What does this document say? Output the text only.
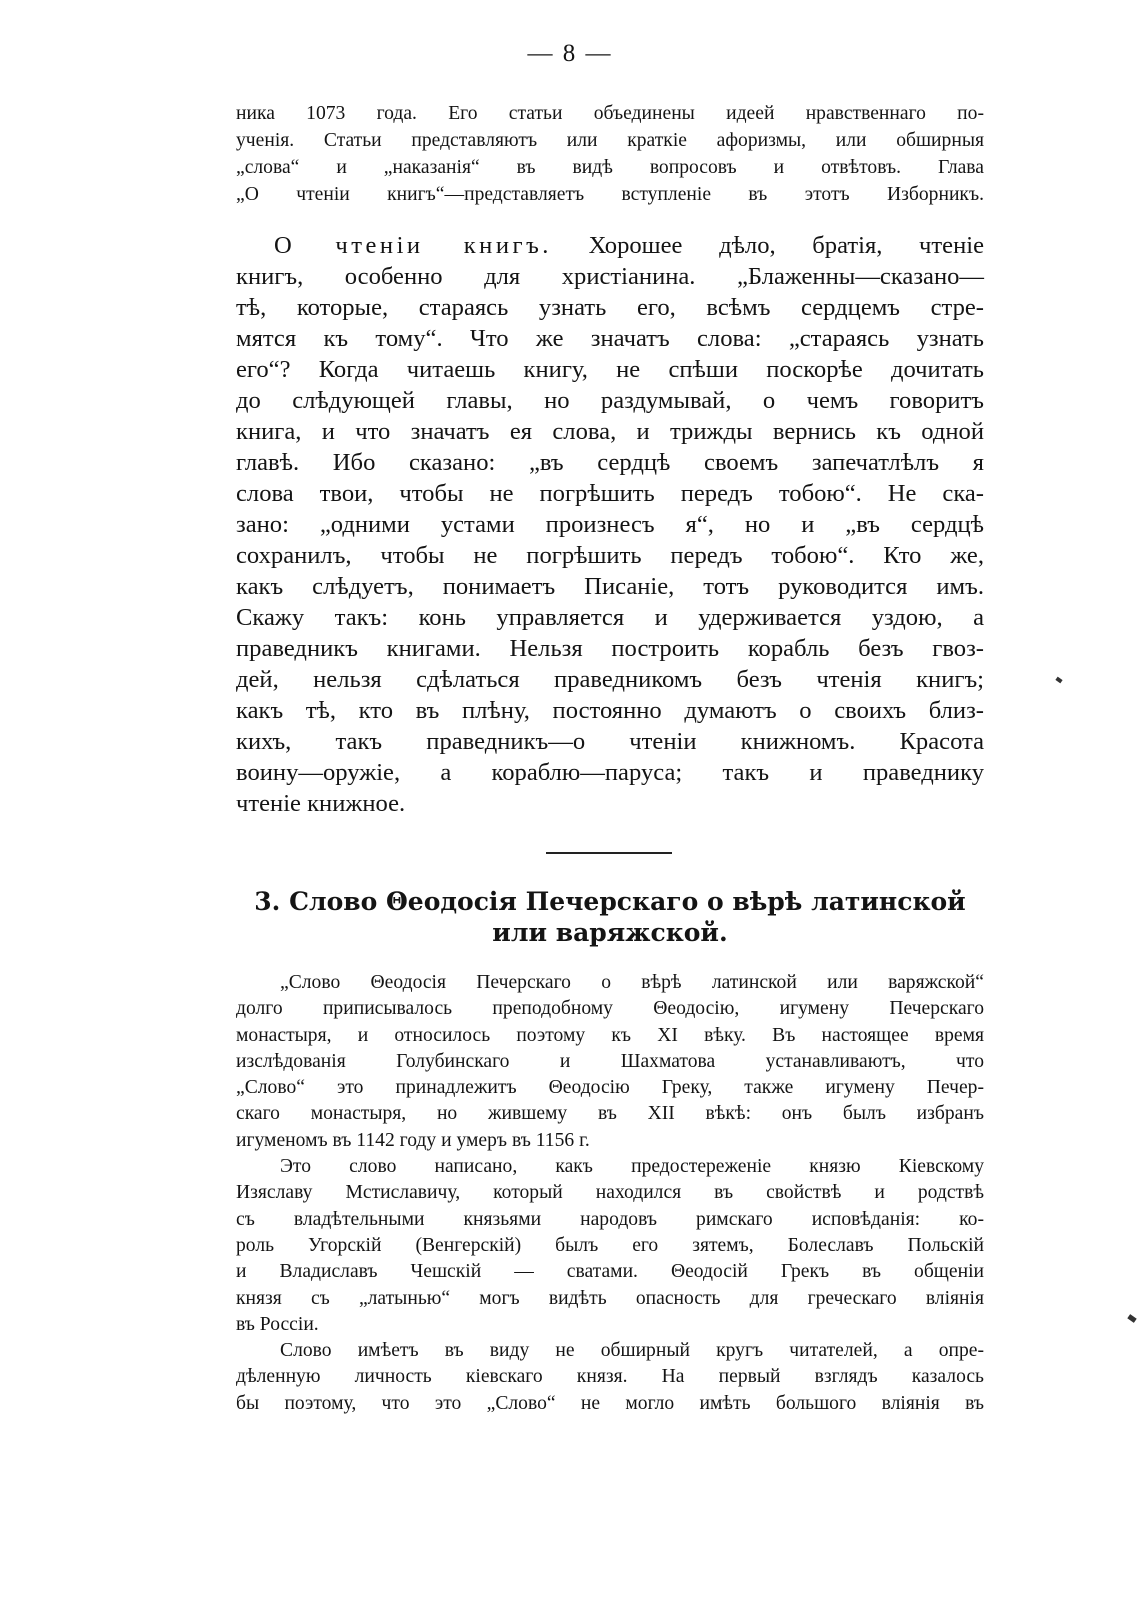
— 8 —
ника 1073 года. Его статьи объединены идеей нравственнаго по-
ученія. Статьи представляютъ или краткіе афоризмы, или обширныя
„слова“ и „наказанія“ въ видѣ вопросовъ и отвѣтовъ. Глава
„О чтеніи книгъ“—представляетъ вступленіе въ этотъ Изборникъ.
О чтеніи книгъ. Хорошее дѣло, братія, чтеніе
книгъ, особенно для христіанина. „Блаженны—сказано—
тѣ, которые, стараясь узнать его, всѣмъ сердцемъ стре-
мятся къ тому“. Что же значатъ слова: „стараясь узнать
его“? Когда читаешь книгу, не спѣши поскорѣе дочитать
до слѣдующей главы, но раздумывай, о чемъ говоритъ
книга, и что значатъ ея слова, и трижды вернись къ одной
главѣ. Ибо сказано: „въ сердцѣ своемъ запечатлѣлъ я
слова твои, чтобы не погрѣшить передъ тобою“. Не ска-
зано: „одними устами произнесъ я“, но и „въ сердцѣ
сохранилъ, чтобы не погрѣшить передъ тобою“. Кто же,
какъ слѣдуетъ, понимаетъ Писаніе, тотъ руководится имъ.
Скажу такъ: конь управляется и удерживается уздою, а
праведникъ книгами. Нельзя построить корабль безъ гвоз-
дей, нельзя сдѣлаться праведникомъ безъ чтенія книгъ;
какъ тѣ, кто въ плѣну, постоянно думаютъ о своихъ близ-
кихъ, такъ праведникъ—о чтеніи книжномъ. Красота
воину—оружіе, а кораблю—паруса; такъ и праведнику
чтеніе книжное.
3. Слово Θеодосія Печерскаго о вѣрѣ латинской
или варяжской.
„Слово Θеодосія Печерскаго о вѣрѣ латинской или варяжской“
долго приписывалось преподобному Θеодосію, игумену Печерскаго
монастыря, и относилось поэтому къ XI вѣку. Въ настоящее время
изслѣдованія Голубинскаго и Шахматова устанавливаютъ, что
„Слово“ это принадлежитъ Θеодосію Греку, также игумену Печер-
скаго монастыря, но жившему въ XII вѣкѣ: онъ былъ избранъ
игуменомъ въ 1142 году и умеръ въ 1156 г.
Это слово написано, какъ предостереженіе князю Кіевскому
Изяславу Мстиславичу, который находился въ свойствѣ и родствѣ
съ владѣтельными князьями народовъ римскаго исповѣданія: ко-
роль Угорскій (Венгерскій) былъ его зятемъ, Болеславъ Польскій
и Владиславъ Чешскій — сватами. Θеодосій Грекъ въ общеніи
князя съ „латынью“ могъ видѣть опасность для греческаго вліянія
въ Россіи.
Слово имѣетъ въ виду не обширный кругъ читателей, а опре-
дѣленную личность кіевскаго князя. На первый взглядъ казалось
бы поэтому, что это „Слово“ не могло имѣть большого вліянія въ
